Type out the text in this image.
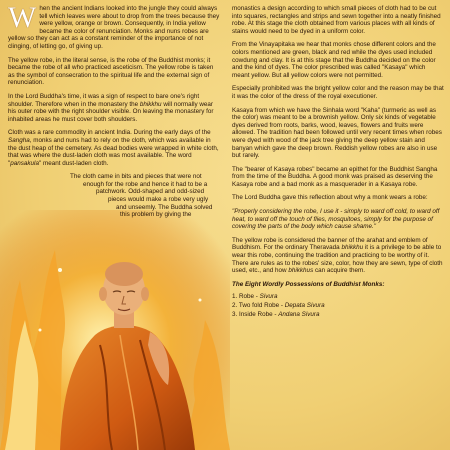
When the ancient Indians looked into the jungle they could always tell which leaves were about to drop from the trees because they were yellow, orange or brown. Consequently, in India yellow became the color of renunciation. Monks and nuns robes are yellow so they can act as a constant reminder of the importance of not clinging, of letting go, of giving up.

The yellow robe, in the literal sense, is the robe of the Buddhist monks; it became the robe of all who practiced asceticism. The yellow robe is taken as the symbol of consecration to the spiritual life and the external sign of renunciation.

In the Lord Buddha's time, it was a sign of respect to bare one's right shoulder. Therefore when in the monastery the bhikkhu will normally wear his outer robe with the right shoulder visible. On leaving the monastery for inhabited areas he must cover both shoulders.

Cloth was a rare commodity in ancient India. During the early days of the Sangha, monks and nuns had to rely on the cloth, which was available in the dust heap of the cemetery. As dead bodies were wrapped in white cloth, that was where the dust-laden cloth was most available. The word "pansakula" meant dust-laden cloth.

The cloth came in bits and pieces that were not enough for the robe and hence it had to be a patchwork. Odd-shaped and odd-sized pieces would make a robe very ugly and unseemly. The Buddha solved this problem by giving the

monastics a design according to which small pieces of cloth had to be cut into squares, rectangles and strips and sewn together into a neatly finished robe. At this stage the cloth obtained from various places with all kinds of stains would need to be dyed in a uniform color.

From the Vinayapitaka we hear that monks chose different colors and the colors mentioned are green, black and red while the dyes used included cowdung and clay. It is at this stage that the Buddha decided on the color and the kind of dyes. The color prescribed was called "Kasaya" which meant yellow. But all yellow colors were not permitted.

Especially prohibited was the bright yellow color and the reason may be that it was the color of the dress of the royal executioner.

Kasaya from which we have the Sinhala word "Kaha" (turmeric as well as the color) was meant to be a brownish yellow. Only six kinds of vegetable dyes derived from roots, barks, wood, leaves, flowers and fruits were allowed. The tradition had been followed until very recent times when robes were dyed with wood of the jack tree giving the deep yellow stain and banyan which gave the deep brown. Reddish yellow robes are also in use but rarely.

The "bearer of Kasaya robes" became an epithet for the Buddhist Sangha from the time of the Buddha. A good monk was praised as deserving the Kasaya robe and a bad monk as a masquerader in a Kasaya robe.

The Lord Buddha gave this reflection about why a monk wears a robe:

"Properly considering the robe, I use it - simply to ward off cold, to ward off heat, to ward off the touch of flies, mosquitoes, simply for the purpose of covering the parts of the body which cause shame."

The yellow robe is considered the banner of the arahat and emblem of Buddhism. For the ordinary Theravada bhikkhu it is a privilege to be able to wear this robe, continuing the tradition and practicing to be worthy of it. There are rules as to the robes' size, color, how they are sewn, type of cloth used, etc., and how bhikkhus can acquire them.

The Eight Wordly Possessions of Buddhist Monks:

1. Robe - Sivura
2. Two fold Robe - Depata Sivura
3. Inside Robe - Andana Sivura
